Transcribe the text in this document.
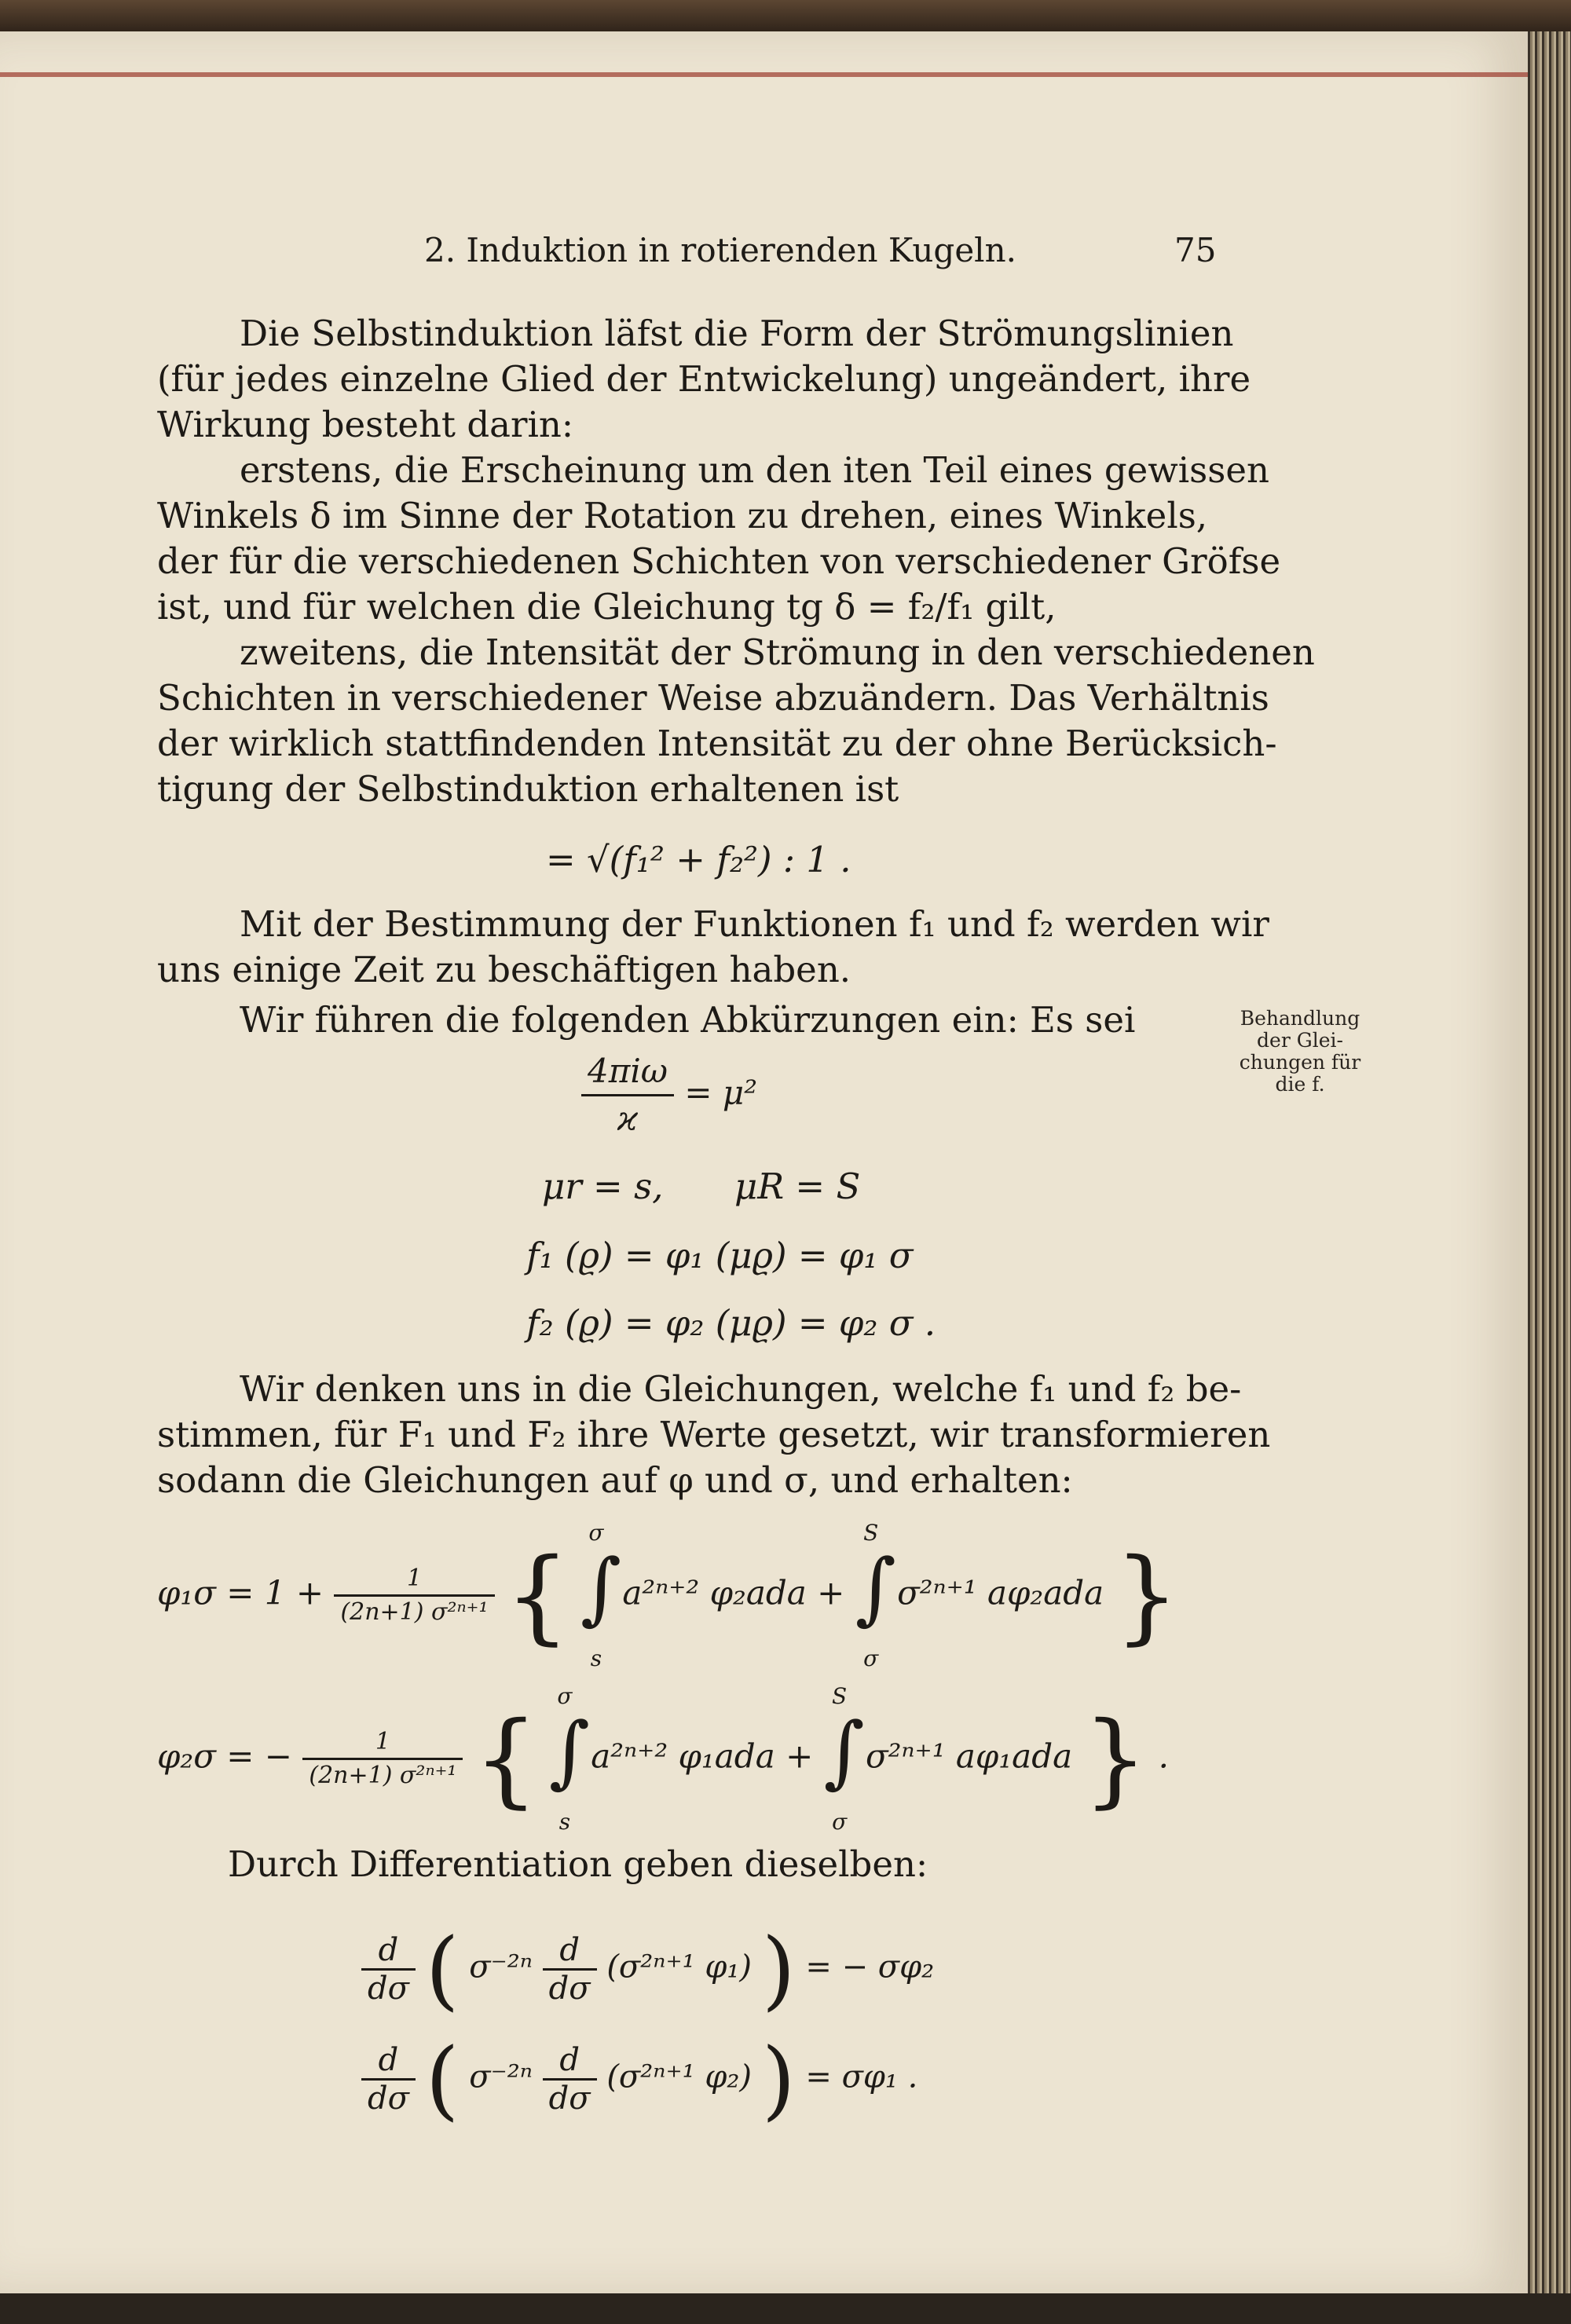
2. Induktion in rotierenden Kugeln.	75
Die Selbstinduktion läfst die Form der Strömungslinien
(für jedes einzelne Glied der Entwickelung) ungeändert, ihre
Wirkung besteht darin:
erstens, die Erscheinung um den iten Teil eines gewissen
Winkels δ im Sinne der Rotation zu drehen, eines Winkels,
der für die verschiedenen Schichten von verschiedener Gröfse
ist, und für welchen die Gleichung tg δ = f₂/f₁ gilt,
zweitens, die Intensität der Strömung in den verschiedenen
Schichten in verschiedener Weise abzuändern. Das Verhältnis
der wirklich stattfindenden Intensität zu der ohne Berücksich-
tigung der Selbstinduktion erhaltenen ist
= √(f₁² + f₂²) : 1 .
Mit der Bestimmung der Funktionen f₁ und f₂ werden wir
uns einige Zeit zu beschäftigen haben.
Wir führen die folgenden Abkürzungen ein: Es sei	Behandlung
der Glei-
chungen für
die f.
$\frac{\text{4πiω}}{ϰ} = \mu^2$
μr = s, μR = S
f₁ (ϱ) = φ₁ (μϱ) = φ₁ σ
f₂ (ϱ) = φ₂ (μϱ) = φ₂ σ .
Wir denken uns in die Gleichungen, welche f₁ und f₂ be-
stimmen, für F₁ und F₂ ihre Werte gesetzt, wir transformieren
sodann die Gleichungen auf φ und σ, und erhalten:
$\varphi_1\sigma = 1 + \frac{1}{\text{(2n+1) σ²ⁿ⁺¹}}$ {
σ
∫
s
a²ⁿ⁺² φ₂ada +
S
∫
σ
σ²ⁿ⁺¹ aφ₂ada }
φ₂σ = − $\frac{1}{\text{(2n+1) σ²ⁿ⁺¹}}$ {
σ
∫
s
a²ⁿ⁺² φ₁ada +
S
∫
σ
σ²ⁿ⁺¹ aφ₁ada } .
Durch Differentiation geben dieselben:
$\frac{d}{d\sigma}$ ( $\sigma^{-2n} \frac{d}{d\sigma} (\sigma^{2n+1}$ φ₁) ) = − σφ₂
$\frac{d}{d\sigma}$ ( $\sigma^{-2n} \frac{d}{d\sigma} (\sigma^{2n+1}$ φ₂) ) = σφ₁ .
